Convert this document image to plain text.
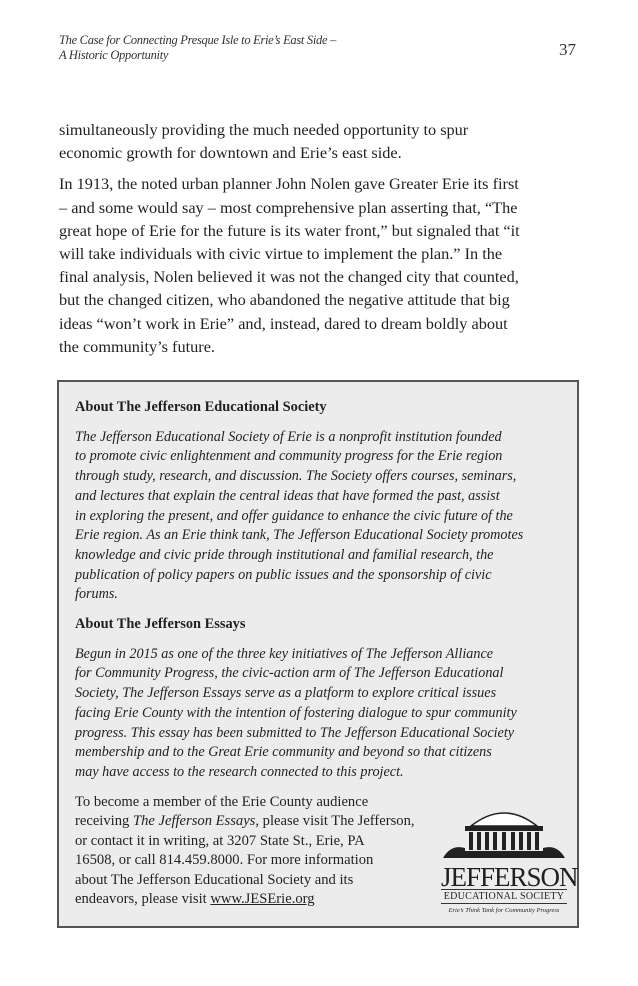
The Case for Connecting Presque Isle to Erie’s East Side –
A Historic Opportunity	37

simultaneously providing the much needed opportunity to spur
economic growth for downtown and Erie’s east side.

In 1913, the noted urban planner John Nolen gave Greater Erie its first
– and some would say – most comprehensive plan asserting that, “The
great hope of Erie for the future is its water front,” but signaled that “it
will take individuals with civic virtue to implement the plan.” In the
final analysis, Nolen believed it was not the changed city that counted,
but the changed citizen, who abandoned the negative attitude that big
ideas “won’t work in Erie” and, instead, dared to dream boldly about
the community’s future.

About The Jefferson Educational Society

The Jefferson Educational Society of Erie is a nonprofit institution founded
to promote civic enlightenment and community progress for the Erie region
through study, research, and discussion. The Society offers courses, seminars,
and lectures that explain the central ideas that have formed the past, assist
in exploring the present, and offer guidance to enhance the civic future of the
Erie region. As an Erie think tank, The Jefferson Educational Society promotes
knowledge and civic pride through institutional and familial research, the
publication of policy papers on public issues and the sponsorship of civic
forums.

About The Jefferson Essays

Begun in 2015 as one of the three key initiatives of The Jefferson Alliance
for Community Progress, the civic-action arm of The Jefferson Educational
Society, The Jefferson Essays serve as a platform to explore critical issues
facing Erie County with the intention of fostering dialogue to spur community
progress. This essay has been submitted to The Jefferson Educational Society
membership and to the Great Erie community and beyond so that citizens
may have access to the research connected to this project.

To become a member of the Erie County audience
receiving The Jefferson Essays, please visit The Jefferson,
or contact it in writing, at 3207 State St., Erie, PA
16508, or call 814.459.8000. For more information
about The Jefferson Educational Society and its
endeavors, please visit www.JESErie.org

JEFFERSON
EDUCATIONAL SOCIETY
Erie’s Think Tank for Community Progress
